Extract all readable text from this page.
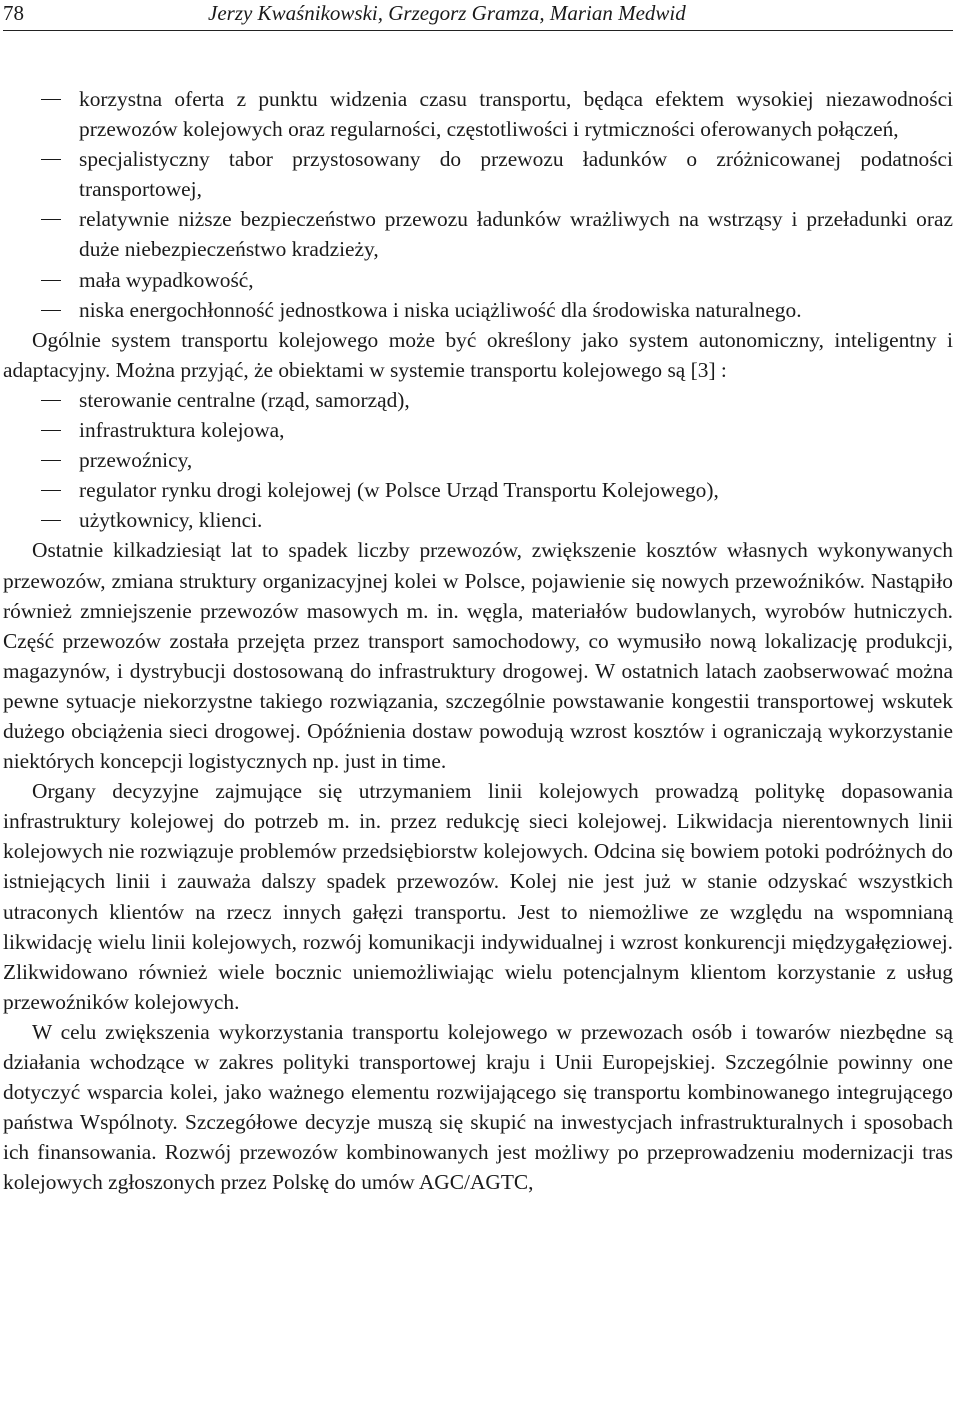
78	Jerzy Kwaśnikowski, Grzegorz Gramza, Marian Medwid
korzystna oferta z punktu widzenia czasu transportu, będąca efektem wysokiej niezawodności przewozów kolejowych oraz regularności, częstotliwości i rytmiczności oferowanych połączeń,
specjalistyczny tabor przystosowany do przewozu ładunków o zróżnicowanej podatności transportowej,
relatywnie niższe bezpieczeństwo przewozu ładunków wrażliwych na wstrząsy i przeładunki oraz duże niebezpieczeństwo kradzieży,
mała wypadkowość,
niska energochłonność jednostkowa i niska uciążliwość dla środowiska naturalnego.

Ogólnie system transportu kolejowego może być określony jako system autonomiczny, inteligentny i adaptacyjny. Można przyjąć, że obiektami w systemie transportu kolejowego są [3] :

sterowanie centralne (rząd, samorząd),
infrastruktura kolejowa,
przewoźnicy,
regulator rynku drogi kolejowej (w Polsce Urząd Transportu Kolejowego),
użytkownicy, klienci.

Ostatnie kilkadziesiąt lat to spadek liczby przewozów, zwiększenie kosztów własnych wykonywanych przewozów, zmiana struktury organizacyjnej kolei w Polsce, pojawienie się nowych przewoźników. Nastąpiło również zmniejszenie przewozów masowych m. in. węgla, materiałów budowlanych, wyrobów hutniczych. Część przewozów została przejęta przez transport samochodowy, co wymusiło nową lokalizację produkcji, magazynów, i dystrybucji dostosowaną do infrastruktury drogowej. W ostatnich latach zaobserwować można pewne sytuacje niekorzystne takiego rozwiązania, szczególnie powstawanie kongestii transportowej wskutek dużego obciążenia sieci drogowej. Opóźnienia dostaw powodują wzrost kosztów i ograniczają wykorzystanie niektórych koncepcji logistycznych np. just in time.

Organy decyzyjne zajmujące się utrzymaniem linii kolejowych prowadzą politykę dopasowania infrastruktury kolejowej do potrzeb m. in. przez redukcję sieci kolejowej. Likwidacja nierentownych linii kolejowych nie rozwiązuje problemów przedsiębiorstw kolejowych. Odcina się bowiem potoki podróżnych do istniejących linii i zauważa dalszy spadek przewozów. Kolej nie jest już w stanie odzyskać wszystkich utraconych klientów na rzecz innych gałęzi transportu. Jest to niemożliwe ze względu na wspomnianą likwidację wielu linii kolejowych, rozwój komunikacji indywidualnej i wzrost konkurencji międzygałęziowej. Zlikwidowano również wiele bocznic uniemożliwiając wielu potencjalnym klientom korzystanie z usług przewoźników kolejowych.

W celu zwiększenia wykorzystania transportu kolejowego w przewozach osób i towarów niezbędne są działania wchodzące w zakres polityki transportowej kraju i Unii Europejskiej. Szczególnie powinny one dotyczyć wsparcia kolei, jako ważnego elementu rozwijającego się transportu kombinowanego integrującego państwa Wspólnoty. Szczegółowe decyzje muszą się skupić na inwestycjach infrastrukturalnych i sposobach ich finansowania. Rozwój przewozów kombinowanych jest możliwy po przeprowadzeniu modernizacji tras kolejowych zgłoszonych przez Polskę do umów AGC/AGTC,
